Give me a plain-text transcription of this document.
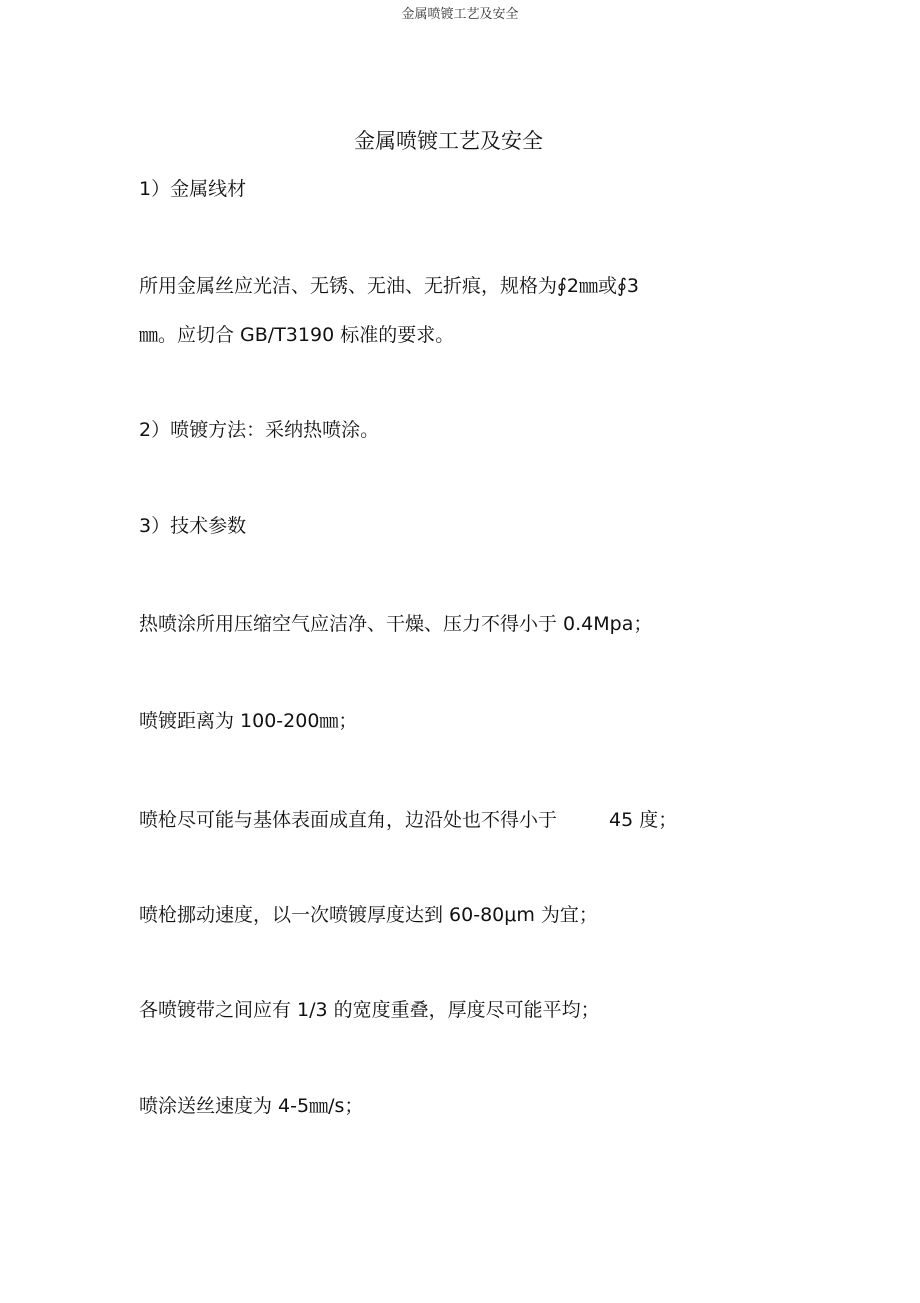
金属喷镀工艺及安全
金属喷镀工艺及安全
1）金属线材
所用金属丝应光洁、无锈、无油、无折痕，规格为∮2㎜或∮3
㎜。应切合 GB/T3190 标准的要求。
2）喷镀方法：采纳热喷涂。
3）技术参数
热喷涂所用压缩空气应洁净、干燥、压力不得小于 0.4Mpa；
喷镀距离为 100-200㎜；
喷枪尽可能与基体表面成直角，边沿处也不得小于	45 度；
喷枪挪动速度，以一次喷镀厚度达到 60-80μm 为宜；
各喷镀带之间应有 1/3 的宽度重叠，厚度尽可能平均；
喷涂送丝速度为 4-5㎜/s；
